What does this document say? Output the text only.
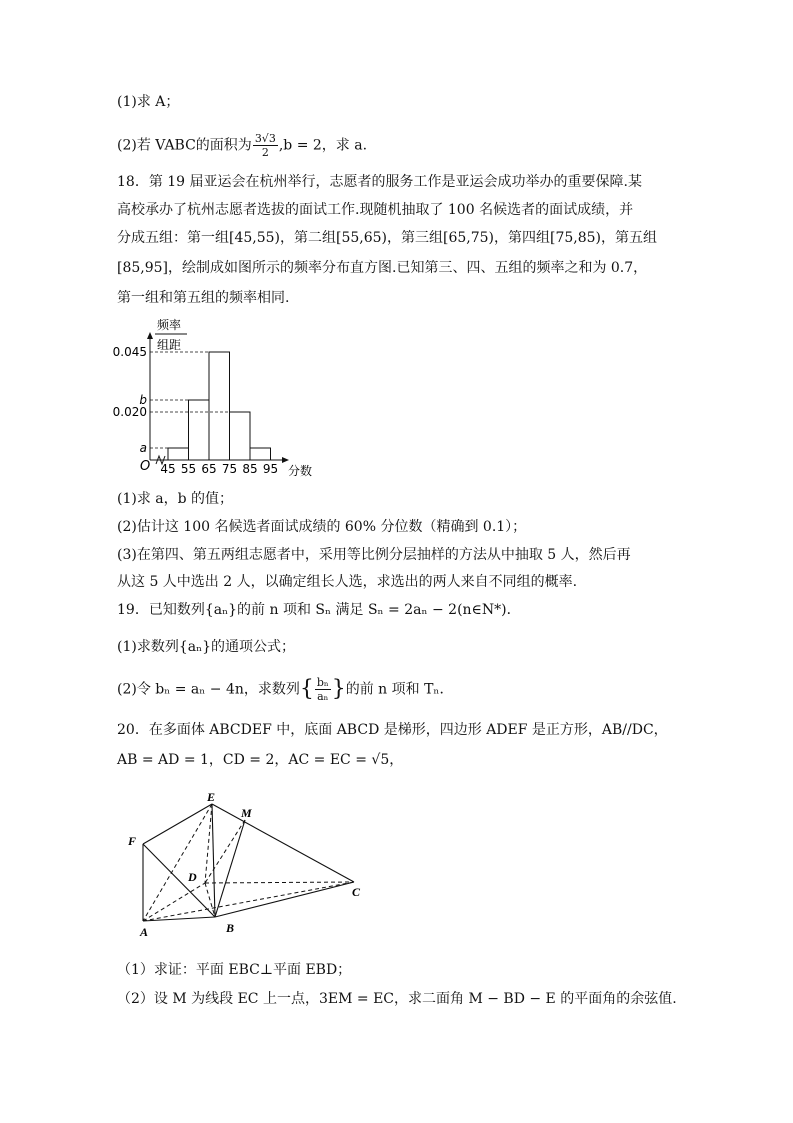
(1)求 A；
(2)若 VABC的面积为 $\frac{3√3}{2} ,b = 2$，求 a.
18．第 19 届亚运会在杭州举行，志愿者的服务工作是亚运会成功举办的重要保障.某
高校承办了杭州志愿者选拔的面试工作.现随机抽取了 100 名候选者的面试成绩，并
分成五组：第一组[45,55)，第二组[55,65)，第三组[65,75)，第四组[75,85)，第五组
[85,95]，绘制成如图所示的频率分布直方图.已知第三、四、五组的频率之和为 0.7，
第一组和第五组的频率相同.
频率
组距
a
0.020
b
0.045
45 55 65 75 85 95
O	分数
(1)求 a，b 的值；
(2)估计这 100 名候选者面试成绩的 60% 分位数（精确到 0.1）；
(3)在第四、第五两组志愿者中，采用等比例分层抽样的方法从中抽取 5 人，然后再
从这 5 人中选出 2 人，以确定组长人选，求选出的两人来自不同组的概率.
19．已知数列{aₙ}的前 n 项和 Sₙ 满足 Sₙ = 2aₙ − 2(n∈N*)．
(1)求数列{aₙ}的通项公式；
(2)令 bₙ = aₙ − 4n，求数列{ $\frac{\text{bₙ}}{\text{aₙ}}$ }的前 n 项和 Tₙ．
20．在多面体 ABCDEF 中，底面 ABCD 是梯形，四边形 ADEF 是正方形，AB//DC，
AB = AD = 1，CD = 2，AC = EC = √5，
E
M
F
D
C
A	B
（1）求证：平面 EBC⊥平面 EBD；
（2）设 M 为线段 EC 上一点，3EM = EC，求二面角 M − BD − E 的平面角的余弦值.
